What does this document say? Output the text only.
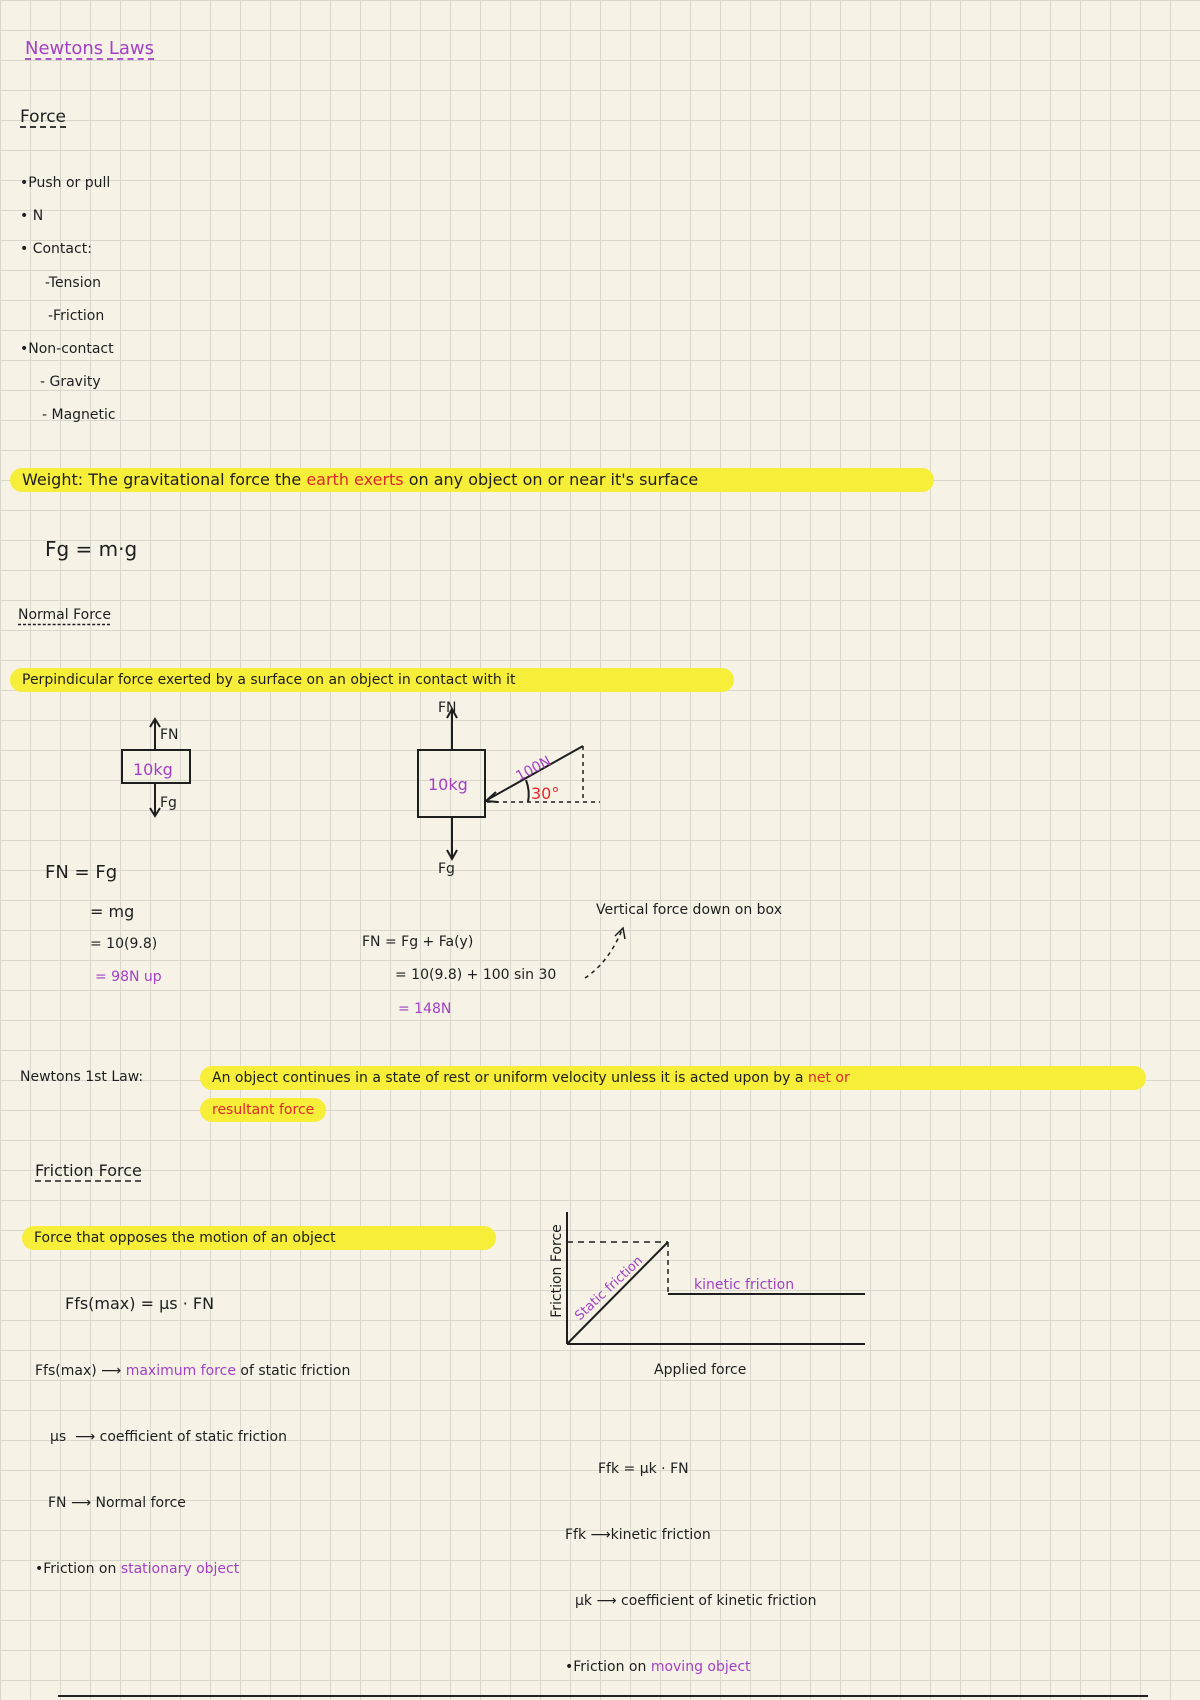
Newtons Laws
Force
•Push or pull
• N
• Contact:
-Tension
-Friction
•Non-contact
- Gravity
- Magnetic
Weight: The gravitational force the earth exerts on any object on or near it's surface
Fg = m·g
Normal Force
Perpindicular force exerted by a surface on an object in contact with it
FN
10kg
Fg
FN
10kg	100N
30°
Fg
FN = Fg
= mg
= 10(9.8)
= 98N up
Vertical force down on box
FN = Fg + Fa(y)
= 10(9.8) + 100 sin 30
= 148N
Newtons 1st Law:	An object continues in a state of rest or uniform velocity unless it is acted upon by a net or
resultant force
Friction Force
Force that opposes the motion of an object
Ffs(max) = μs · FN
Ffs(max) ⟶ maximum force of static friction
μs  ⟶ coefficient of static friction
FN ⟶ Normal force
•Friction on stationary object
Friction Force Static friction	kinetic friction
Applied force
Ffk = μk · FN
Ffk ⟶kinetic friction
μk ⟶ coefficient of kinetic friction
•Friction on moving object
